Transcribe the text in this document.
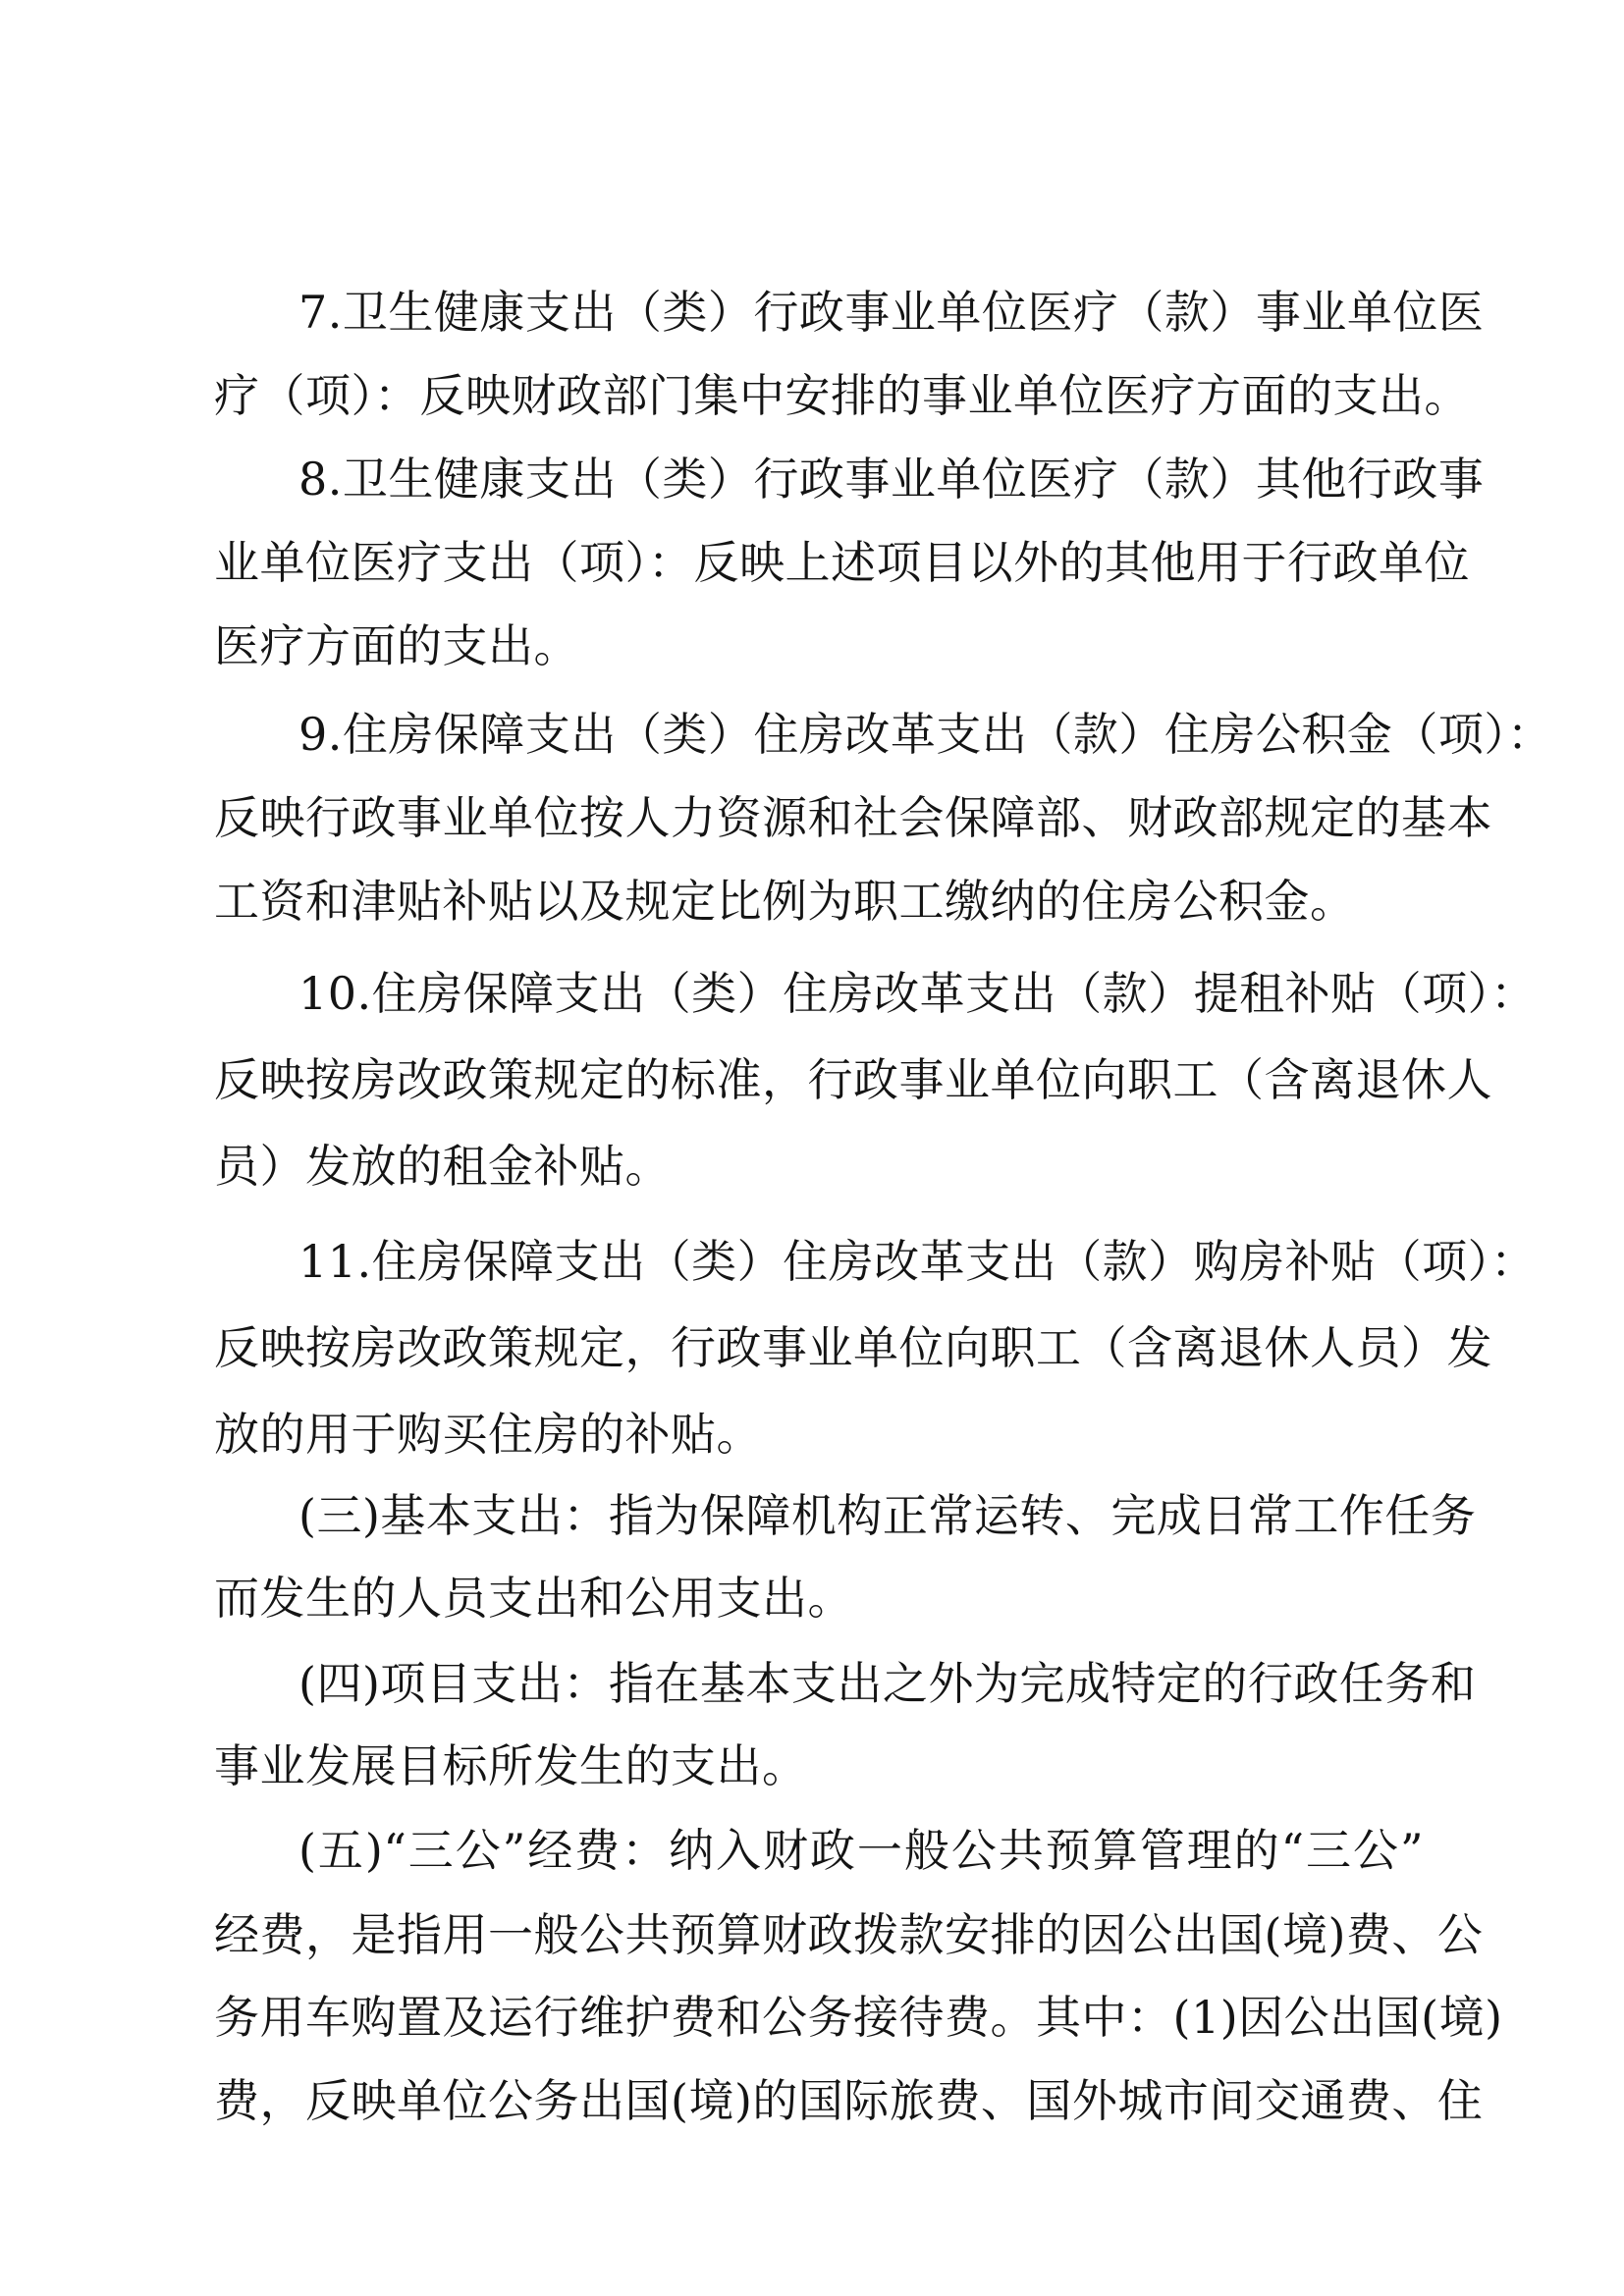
7.卫生健康支出（类）行政事业单位医疗（款）事业单位医
疗（项）：反映财政部门集中安排的事业单位医疗方面的支出。
8.卫生健康支出（类）行政事业单位医疗（款）其他行政事
业单位医疗支出（项）：反映上述项目以外的其他用于行政单位
医疗方面的支出。
9.住房保障支出（类）住房改革支出（款）住房公积金（项）：
反映行政事业单位按人力资源和社会保障部、财政部规定的基本
工资和津贴补贴以及规定比例为职工缴纳的住房公积金。
10.住房保障支出（类）住房改革支出（款）提租补贴（项）：
反映按房改政策规定的标准，行政事业单位向职工（含离退休人
员）发放的租金补贴。
11.住房保障支出（类）住房改革支出（款）购房补贴（项）：
反映按房改政策规定，行政事业单位向职工（含离退休人员）发
放的用于购买住房的补贴。
(三)基本支出：指为保障机构正常运转、完成日常工作任务
而发生的人员支出和公用支出。
(四)项目支出：指在基本支出之外为完成特定的行政任务和
事业发展目标所发生的支出。
(五)“三公”经费：纳入财政一般公共预算管理的“三公”
经费，是指用一般公共预算财政拨款安排的因公出国(境)费、公
务用车购置及运行维护费和公务接待费。其中：(1)因公出国(境)
费，反映单位公务出国(境)的国际旅费、国外城市间交通费、住
